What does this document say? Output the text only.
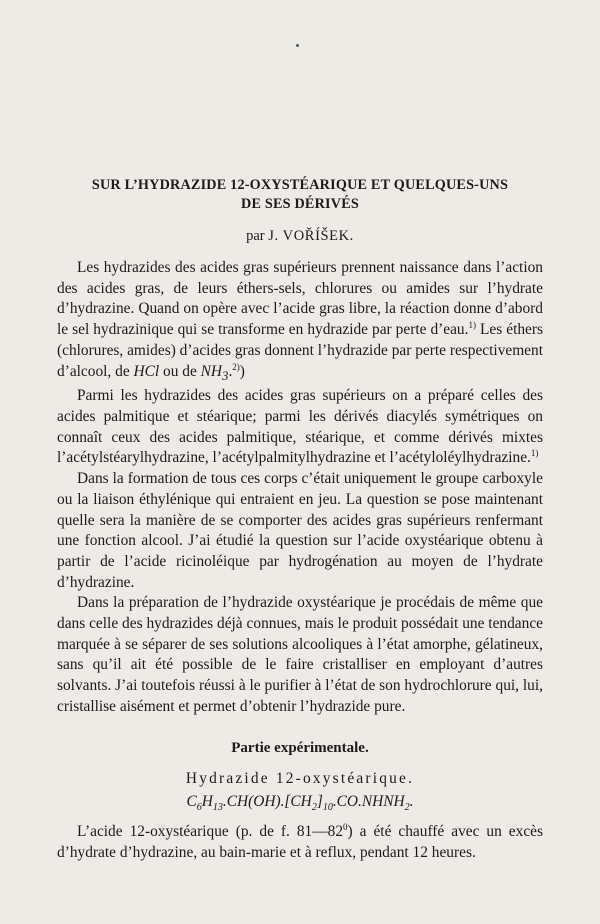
SUR L’HYDRAZIDE 12-OXYSTÉARIQUE ET QUELQUES-UNS
DE SES DÉRIVÉS
par J. VOŘÍŠEK.

Les hydrazides des acides gras supérieurs prennent naissance dans l’action des acides gras, de leurs éthers-sels, chlorures ou amides sur l’hydrate d’hydrazine. Quand on opère avec l’acide gras libre, la réaction donne d’abord le sel hydrazinique qui se transforme en hydrazide par perte d’eau.$^{1)}$ Les éthers (chlorures, amides) d’acides gras donnent l’hydrazide par perte respectivement d’alcool, de HCl ou de $NH_3.^{2)}$)

Parmi les hydrazides des acides gras supérieurs on a préparé celles des acides palmitique et stéarique; parmi les dérivés diacylés symétriques on connaît ceux des acides palmitique, stéarique, et comme dérivés mixtes l’acétylstéarylhydrazine, l’acétylpalmitylhydrazine et l’acétyloléylhydrazine.$^{1)}$

Dans la formation de tous ces corps c’était uniquement le groupe carboxyle ou la liaison éthylénique qui entraient en jeu. La question se pose maintenant quelle sera la manière de se comporter des acides gras supérieurs renfermant une fonction alcool. J’ai étudié la question sur l’acide oxystéarique obtenu à partir de l’acide ricinoléique par hydrogénation au moyen de l’hydrate d’hydrazine.

Dans la préparation de l’hydrazide oxystéarique je procédais de même que dans celle des hydrazides déjà connues, mais le produit possédait une tendance marquée à se séparer de ses solutions alcooliques à l’état amorphe, gélatineux, sans qu’il ait été possible de le faire cristalliser en employant d’autres solvants. J’ai toutefois réussi à le purifier à l’état de son hydrochlorure qui, lui, cristallise aisément et permet d’obtenir l’hydrazide pure.

Partie expérimentale.
Hydrazide 12-oxystéarique.
$C_6H_{13}.CH(OH).[CH_2]_{10}.CO.NHNH_2$.

L’acide 12-oxystéarique (p. de f. $81—82^0$) a été chauffé avec un excès d’hydrate d’hydrazine, au bain-marie et à reflux, pendant 12 heures.
